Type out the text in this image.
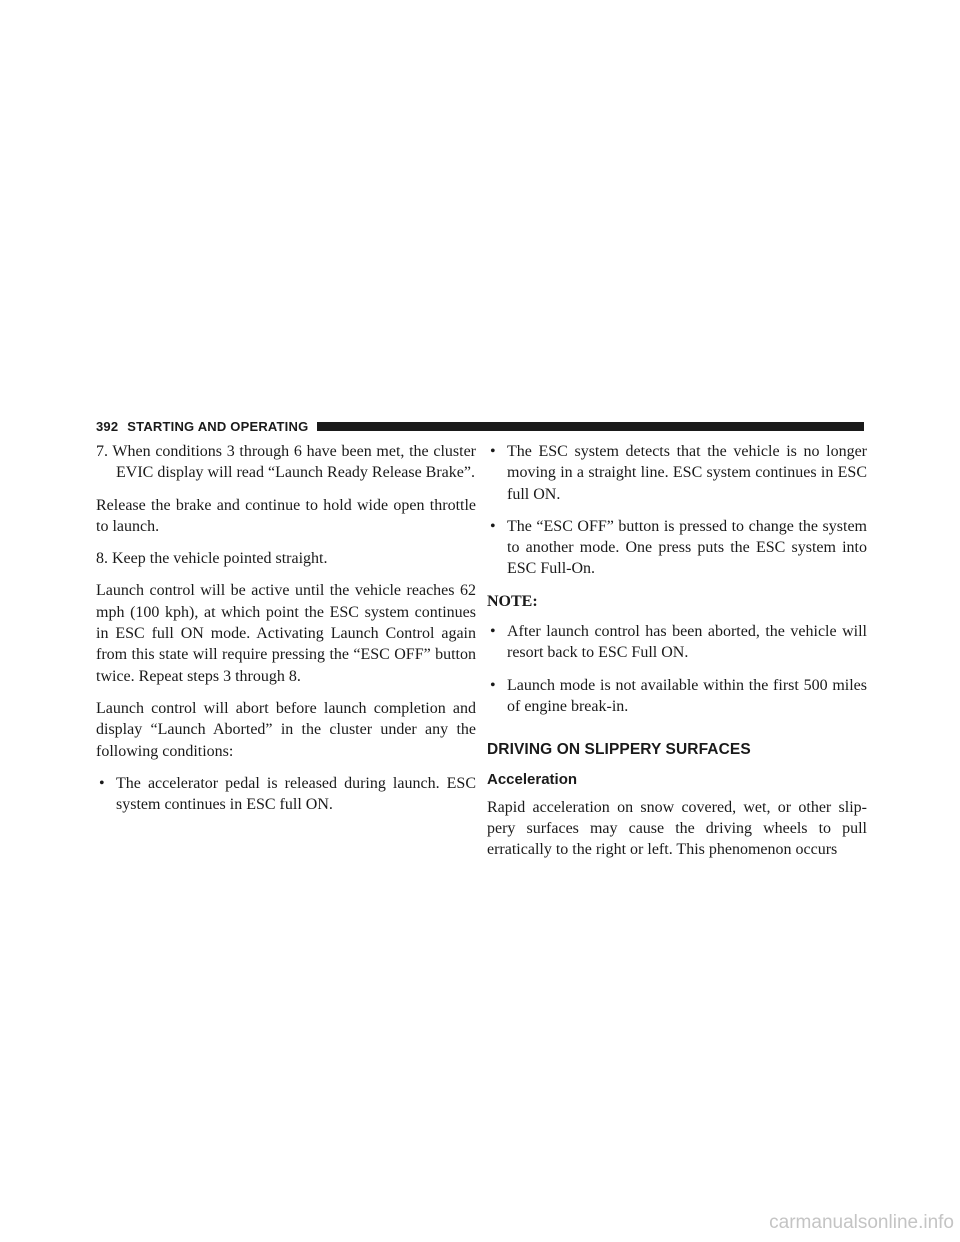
392 STARTING AND OPERATING

7. When conditions 3 through 6 have been met, the cluster EVIC display will read “Launch Ready Release Brake”.

Release the brake and continue to hold wide open throttle to launch.

8. Keep the vehicle pointed straight.

Launch control will be active until the vehicle reaches 62 mph (100 kph), at which point the ESC system continues in ESC full ON mode. Activating Launch Control again from this state will require pressing the “ESC OFF” button twice. Repeat steps 3 through 8.

Launch control will abort before launch completion and display “Launch Aborted” in the cluster under any the following conditions:

• The accelerator pedal is released during launch. ESC system continues in ESC full ON.
• The ESC system detects that the vehicle is no longer moving in a straight line. ESC system continues in ESC full ON.
• The “ESC OFF” button is pressed to change the system to another mode. One press puts the ESC system into ESC Full-On.

NOTE:

• After launch control has been aborted, the vehicle will resort back to ESC Full ON.
• Launch mode is not available within the first 500 miles of engine break-in.
DRIVING ON SLIPPERY SURFACES
Acceleration

Rapid acceleration on snow covered, wet, or other slip-pery surfaces may cause the driving wheels to pull erratically to the right or left. This phenomenon occurs

carmanualsonline.info
